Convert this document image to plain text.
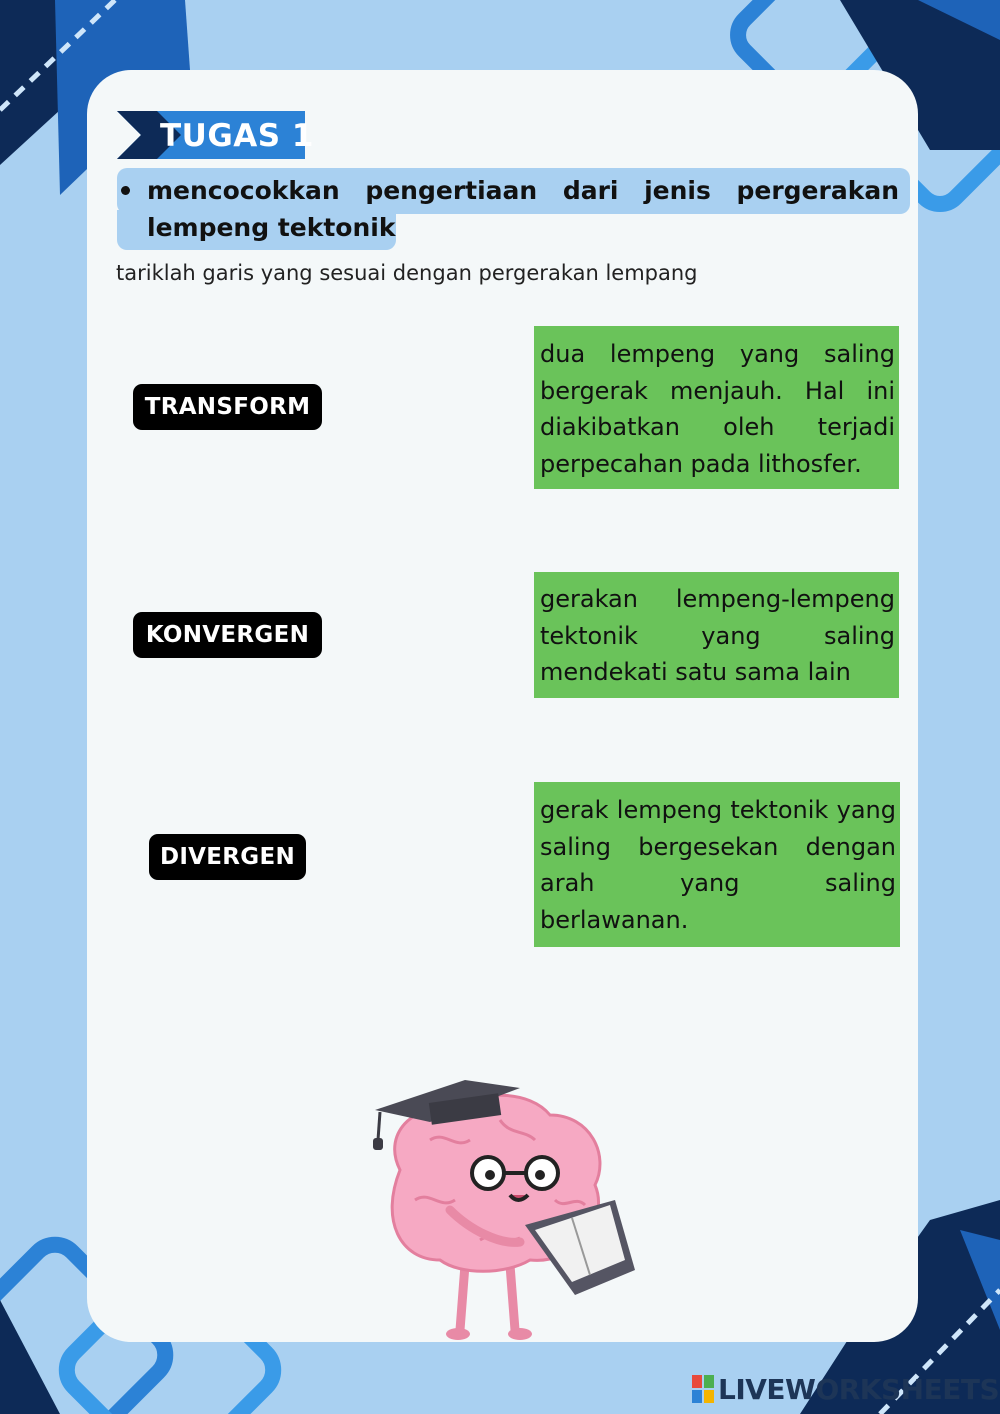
TUGAS 1
mencocokkan pengertiaan dari jenis pergerakan lempeng tektonik
tariklah garis yang sesuai dengan pergerakan lempang
TRANSFORM
KONVERGEN
DIVERGEN
dua lempeng yang saling bergerak menjauh. Hal ini diakibatkan oleh terjadi perpecahan pada lithosfer.
gerakan lempeng-lempeng tektonik yang saling mendekati satu sama lain
gerak lempeng tektonik yang saling bergesekan dengan arah yang saling berlawanan.
LIVEWORKSHEETS
